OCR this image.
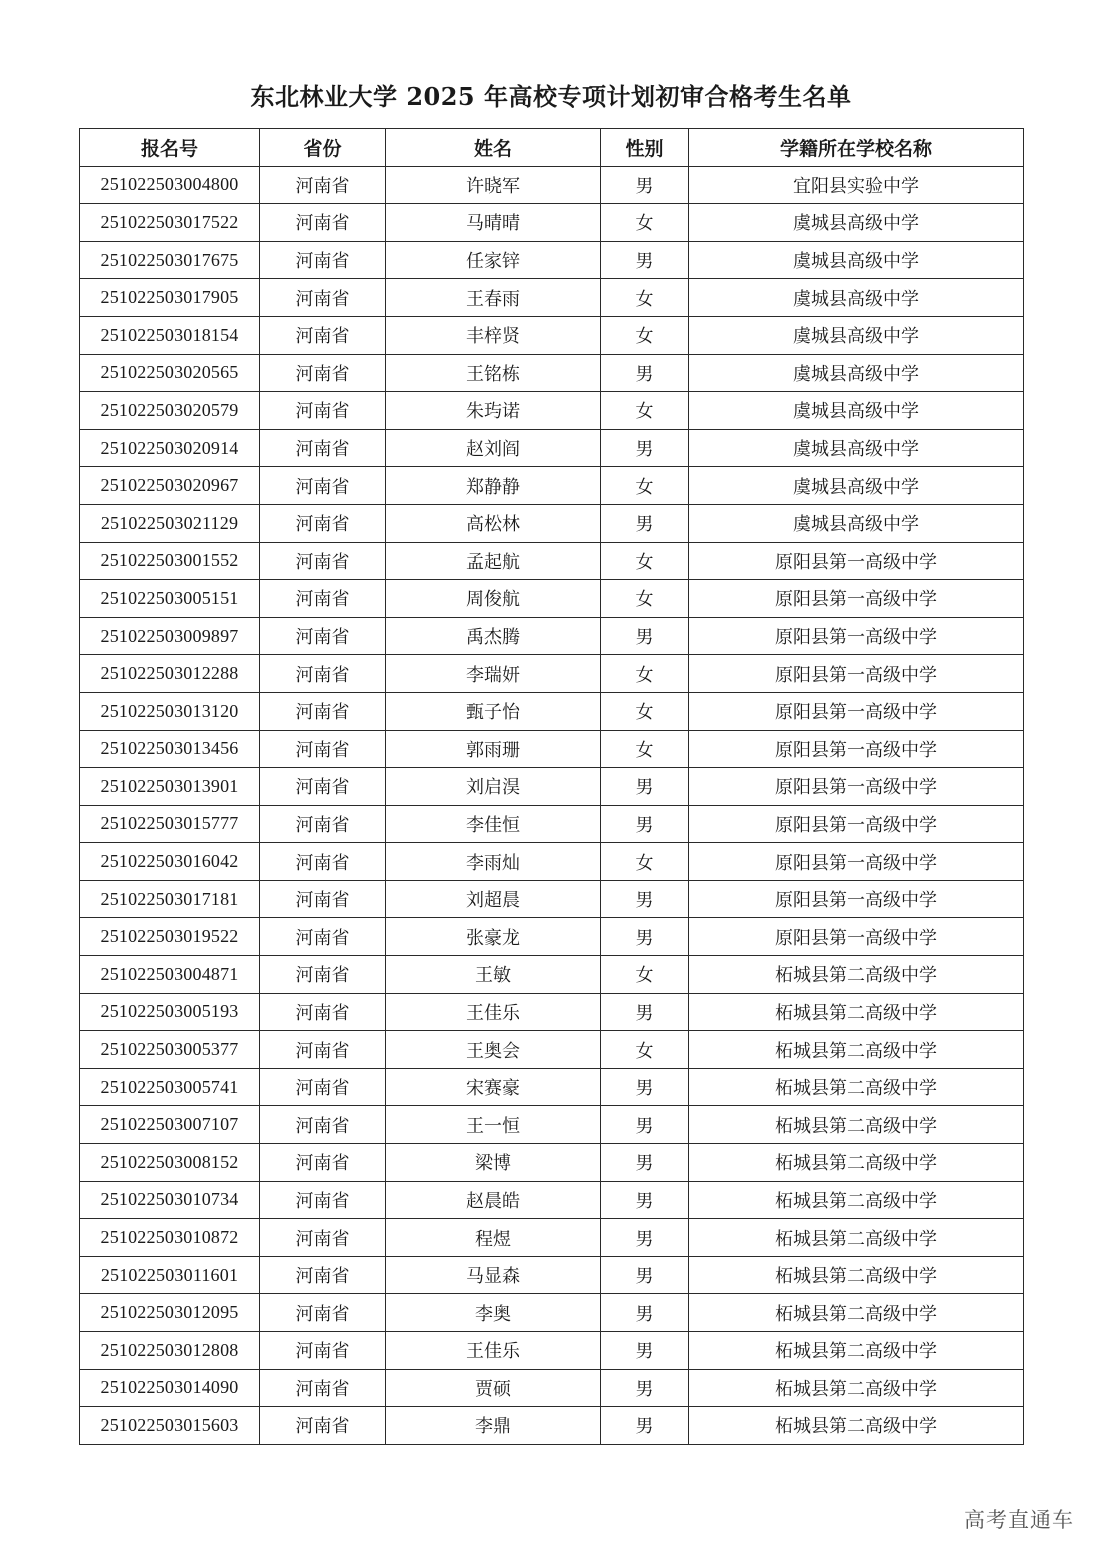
东北林业大学 2025 年高校专项计划初审合格考生名单
报名号	省份	姓名	性别	学籍所在学校名称
251022503004800	河南省	许晓军	男	宜阳县实验中学
251022503017522	河南省	马晴晴	女	虞城县高级中学
251022503017675	河南省	任家锌	男	虞城县高级中学
251022503017905	河南省	王春雨	女	虞城县高级中学
251022503018154	河南省	丰梓贤	女	虞城县高级中学
251022503020565	河南省	王铭栋	男	虞城县高级中学
251022503020579	河南省	朱玙诺	女	虞城县高级中学
251022503020914	河南省	赵刘阎	男	虞城县高级中学
251022503020967	河南省	郑静静	女	虞城县高级中学
251022503021129	河南省	高松林	男	虞城县高级中学
251022503001552	河南省	孟起航	女	原阳县第一高级中学
251022503005151	河南省	周俊航	女	原阳县第一高级中学
251022503009897	河南省	禹杰腾	男	原阳县第一高级中学
251022503012288	河南省	李瑞妍	女	原阳县第一高级中学
251022503013120	河南省	甄子怡	女	原阳县第一高级中学
251022503013456	河南省	郭雨珊	女	原阳县第一高级中学
251022503013901	河南省	刘启淏	男	原阳县第一高级中学
251022503015777	河南省	李佳恒	男	原阳县第一高级中学
251022503016042	河南省	李雨灿	女	原阳县第一高级中学
251022503017181	河南省	刘超晨	男	原阳县第一高级中学
251022503019522	河南省	张豪龙	男	原阳县第一高级中学
251022503004871	河南省	王敏	女	柘城县第二高级中学
251022503005193	河南省	王佳乐	男	柘城县第二高级中学
251022503005377	河南省	王奥会	女	柘城县第二高级中学
251022503005741	河南省	宋赛豪	男	柘城县第二高级中学
251022503007107	河南省	王一恒	男	柘城县第二高级中学
251022503008152	河南省	梁博	男	柘城县第二高级中学
251022503010734	河南省	赵晨皓	男	柘城县第二高级中学
251022503010872	河南省	程煜	男	柘城县第二高级中学
251022503011601	河南省	马显森	男	柘城县第二高级中学
251022503012095	河南省	李奥	男	柘城县第二高级中学
251022503012808	河南省	王佳乐	男	柘城县第二高级中学
251022503014090	河南省	贾硕	男	柘城县第二高级中学
251022503015603	河南省	李鼎	男	柘城县第二高级中学
高考直通车
